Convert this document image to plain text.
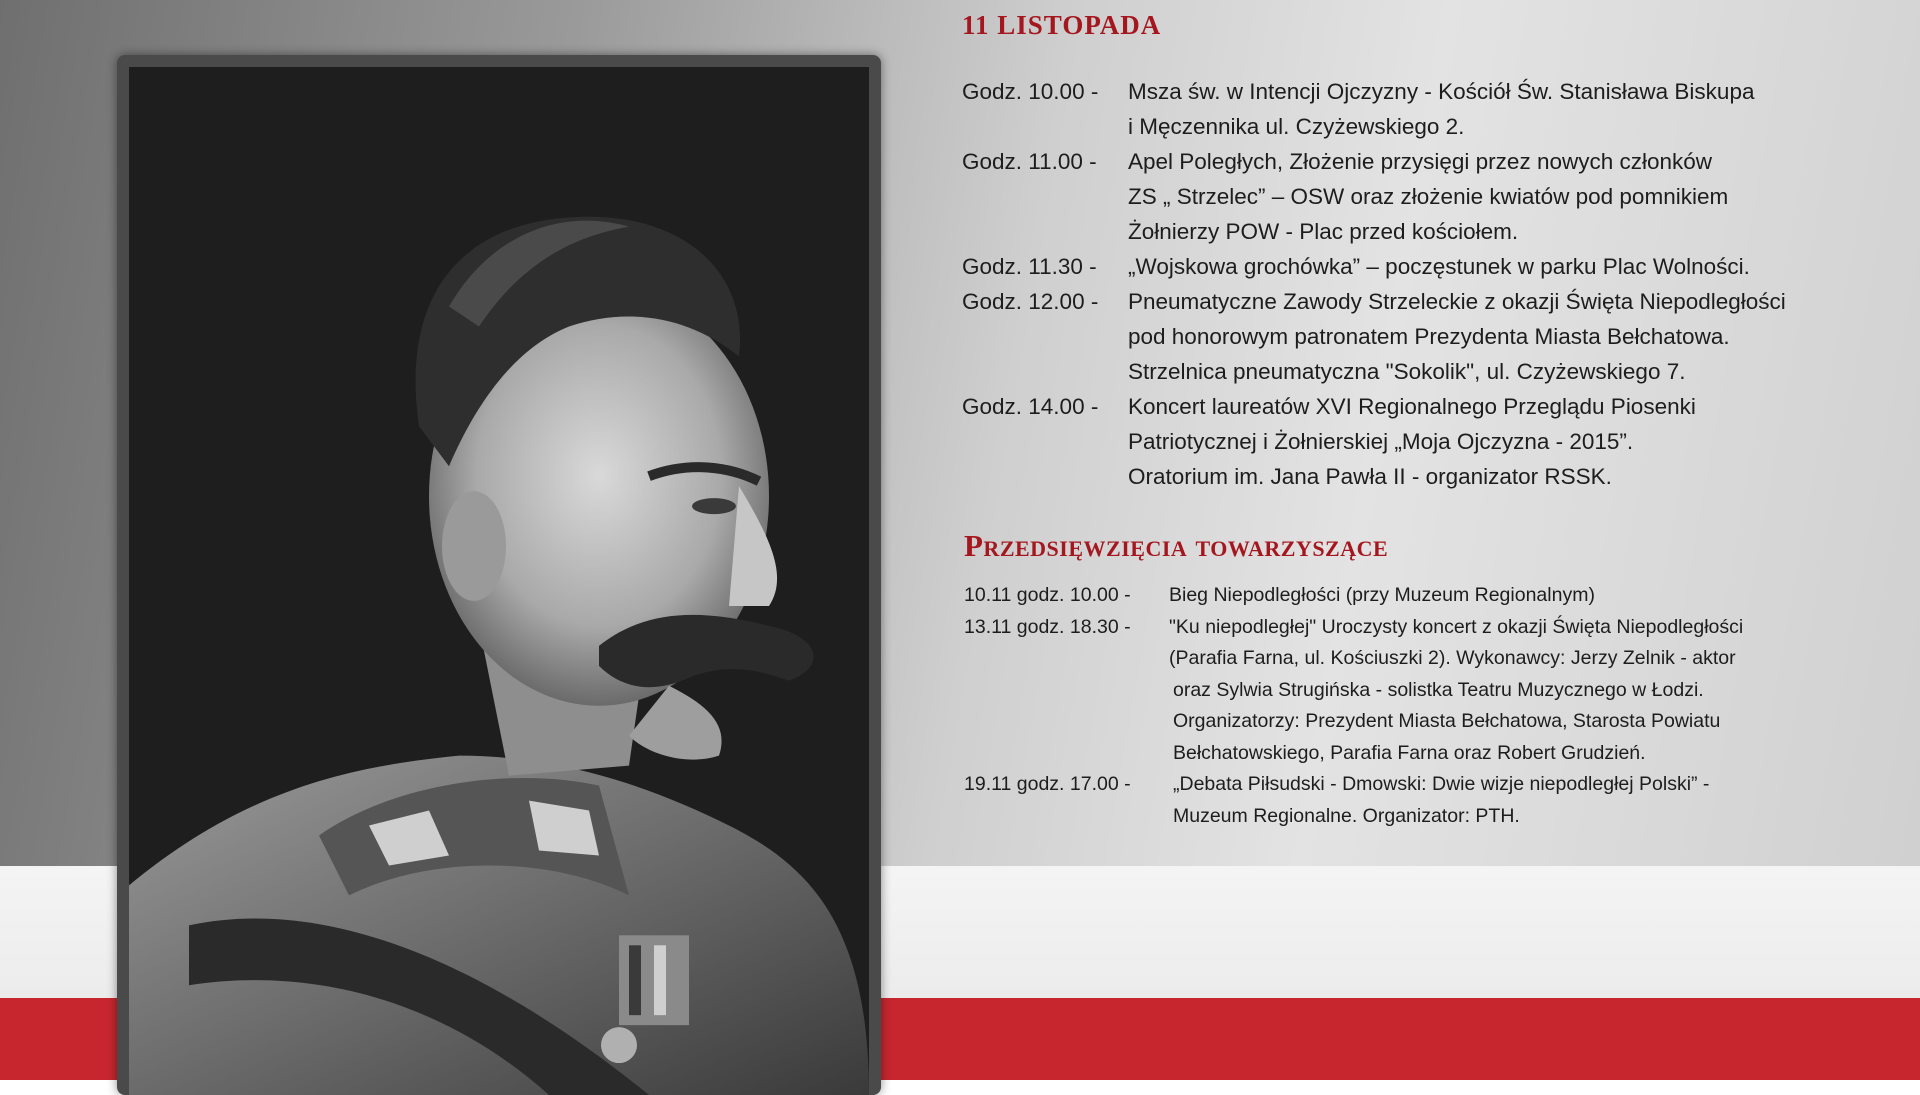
11 LISTOPADA
Godz. 10.00 -	Msza św. w Intencji Ojczyzny - Kościół Św. Stanisława Biskupa
i Męczennika ul. Czyżewskiego 2.
Godz. 11.00 -	Apel Poległych, Złożenie przysięgi przez nowych członków
ZS „ Strzelec” – OSW oraz złożenie kwiatów pod pomnikiem
Żołnierzy POW - Plac przed kościołem.
Godz. 11.30 -	„Wojskowa grochówka” – poczęstunek w parku Plac Wolności.
Godz. 12.00 -	Pneumatyczne Zawody Strzeleckie z okazji Święta Niepodległości
pod honorowym patronatem Prezydenta Miasta Bełchatowa.
Strzelnica pneumatyczna "Sokolik", ul. Czyżewskiego 7.
Godz. 14.00 -	Koncert laureatów XVI Regionalnego Przeglądu Piosenki
Patriotycznej i Żołnierskiej „Moja Ojczyzna - 2015”.
Oratorium im. Jana Pawła II - organizator RSSK.
Przedsięwzięcia towarzyszące
10.11 godz. 10.00 -	Bieg Niepodległości (przy Muzeum Regionalnym)
13.11 godz. 18.30 -	"Ku niepodległej" Uroczysty koncert z okazji Święta Niepodległości
(Parafia Farna, ul. Kościuszki 2). Wykonawcy: Jerzy Zelnik - aktor
oraz Sylwia Strugińska - solistka Teatru Muzycznego w Łodzi.
Organizatorzy: Prezydent Miasta Bełchatowa, Starosta Powiatu
Bełchatowskiego, Parafia Farna oraz Robert Grudzień.
19.11 godz. 17.00 -	„Debata Piłsudski - Dmowski: Dwie wizje niepodległej Polski” -
Muzeum Regionalne. Organizator: PTH.
